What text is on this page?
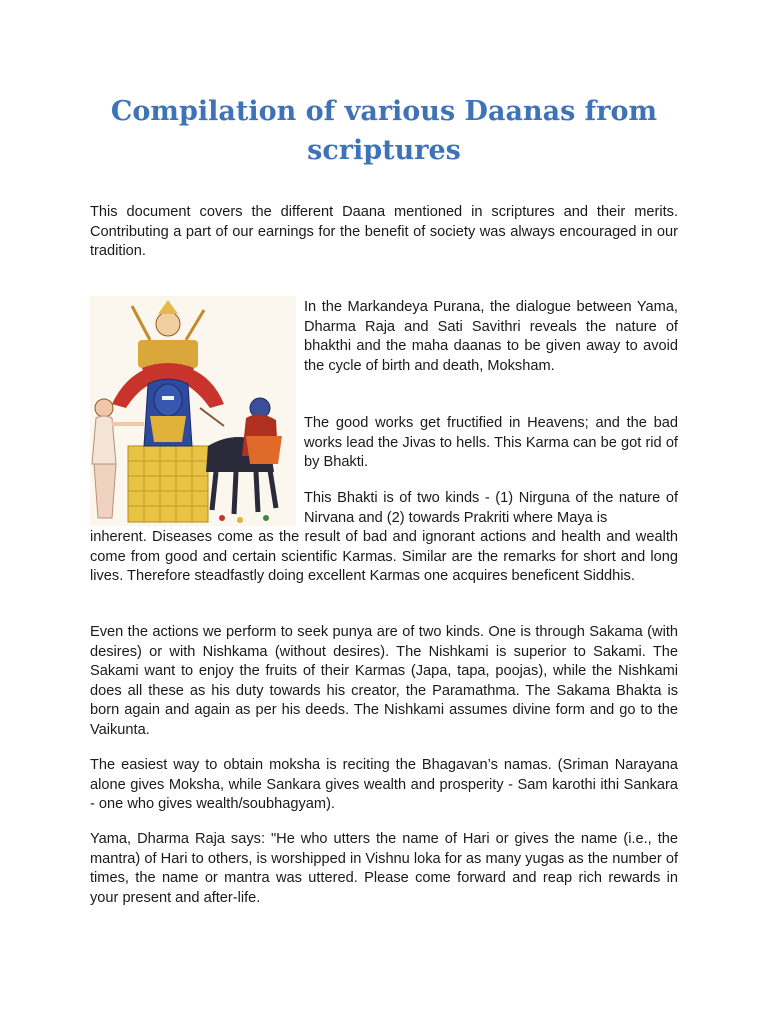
Compilation of various Daanas from scriptures

This document covers the different Daana mentioned in scriptures and their merits. Contributing a part of our earnings for the benefit of society was always encouraged in our tradition.

In the Markandeya Purana, the dialogue between Yama, Dharma Raja and Sati Savithri reveals the nature of bhakthi and the maha daanas to be given away to avoid the cycle of birth and death, Moksham.

The good works get fructified in Heavens; and the bad works lead the Jivas to hells. This Karma can be got rid of by Bhakti.

This Bhakti is of two kinds - (1) Nirguna of the nature of Nirvana and (2) towards Prakriti where Maya is

inherent. Diseases come as the result of bad and ignorant actions and health and wealth come from good and certain scientific Karmas. Similar are the remarks for short and long lives. Therefore steadfastly doing excellent Karmas one acquires beneficent Siddhis.

Even the actions we perform to seek punya are of two kinds. One is through Sakama (with desires) or with Nishkama (without desires). The Nishkami is superior to Sakami. The Sakami want to enjoy the fruits of their Karmas (Japa, tapa, poojas), while the Nishkami does all these as his duty towards his creator, the Paramathma. The Sakama Bhakta is born again and again as per his deeds. The Nishkami assumes divine form and go to the Vaikunta.

The easiest way to obtain moksha is reciting the Bhagavan’s namas. (Sriman Narayana alone gives Moksha, while Sankara gives wealth and prosperity - Sam karothi ithi Sankara - one who gives wealth/soubhagyam).

Yama, Dharma Raja says: "He who utters the name of Hari or gives the name (i.e., the mantra) of Hari to others, is worshipped in Vishnu loka for as many yugas as the number of times, the name or mantra was uttered. Please come forward and reap rich rewards in your present and after-life.
